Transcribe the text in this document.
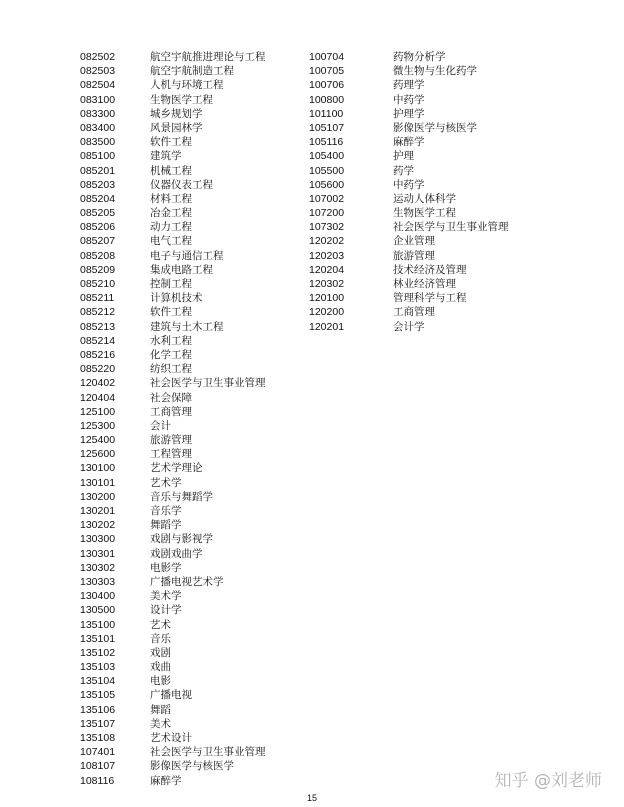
082502	航空宇航推进理论与工程
082503	航空宇航制造工程
082504	人机与环境工程
083100	生物医学工程
083300	城乡规划学
083400	风景园林学
083500	软件工程
085100	建筑学
085201	机械工程
085203	仪器仪表工程
085204	材料工程
085205	冶金工程
085206	动力工程
085207	电气工程
085208	电子与通信工程
085209	集成电路工程
085210	控制工程
085211	计算机技术
085212	软件工程
085213	建筑与土木工程
085214	水利工程
085216	化学工程
085220	纺织工程
120402	社会医学与卫生事业管理
120404	社会保障
125100	工商管理
125300	会计
125400	旅游管理
125600	工程管理
130100	艺术学理论
130101	艺术学
130200	音乐与舞蹈学
130201	音乐学
130202	舞蹈学
130300	戏剧与影视学
130301	戏剧戏曲学
130302	电影学
130303	广播电视艺术学
130400	美术学
130500	设计学
135100	艺术
135101	音乐
135102	戏剧
135103	戏曲
135104	电影
135105	广播电视
135106	舞蹈
135107	美术
135108	艺术设计
107401	社会医学与卫生事业管理
108107	影像医学与核医学
108116	麻醉学
100704	药物分析学
100705	微生物与生化药学
100706	药理学
100800	中药学
101100	护理学
105107	影像医学与核医学
105116	麻醉学
105400	护理
105500	药学
105600	中药学
107002	运动人体科学
107200	生物医学工程
107302	社会医学与卫生事业管理
120202	企业管理
120203	旅游管理
120204	技术经济及管理
120302	林业经济管理
120100	管理科学与工程
120200	工商管理
120201	会计学
15
知乎 @刘老师
